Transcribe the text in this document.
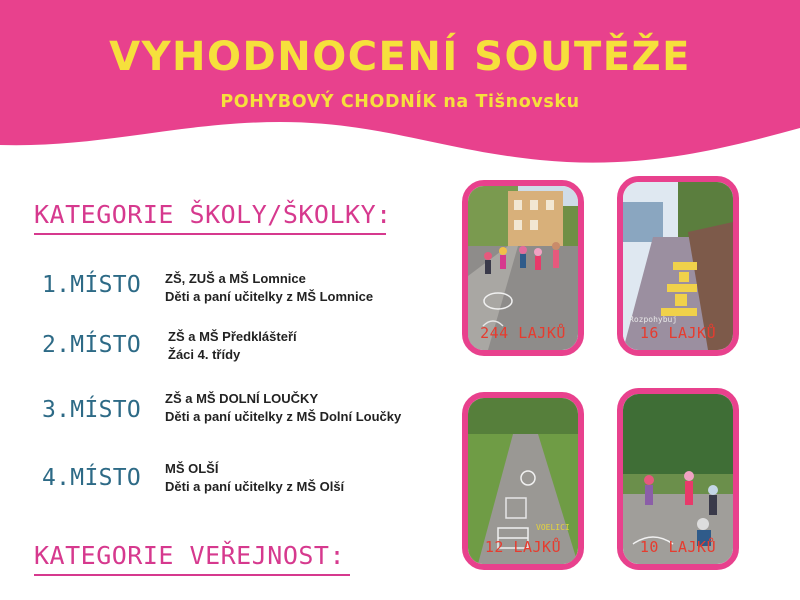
VYHODNOCENÍ SOUTĚŽE
POHYBOVÝ CHODNÍK na Tišnovsku
KATEGORIE ŠKOLY/ŠKOLKY:
1.MÍSTO ZŠ, ZUŠ a MŠ Lomnice
Děti a paní učitelky z MŠ Lomnice
2.MÍSTO ZŠ a MŠ Předklášteří
Žáci 4. třídy
3.MÍSTO ZŠ a MŠ DOLNÍ LOUČKY
Děti a paní učitelky z MŠ Dolní Loučky
4.MÍSTO MŠ OLŠÍ
Děti a paní učitelky z MŠ Olší
KATEGORIE VEŘEJNOST:
244 LAJKŮ
Rozpohybuj
16 LAJKŮ
VOELICI
12 LAJKŮ	10 LAJKŮ
